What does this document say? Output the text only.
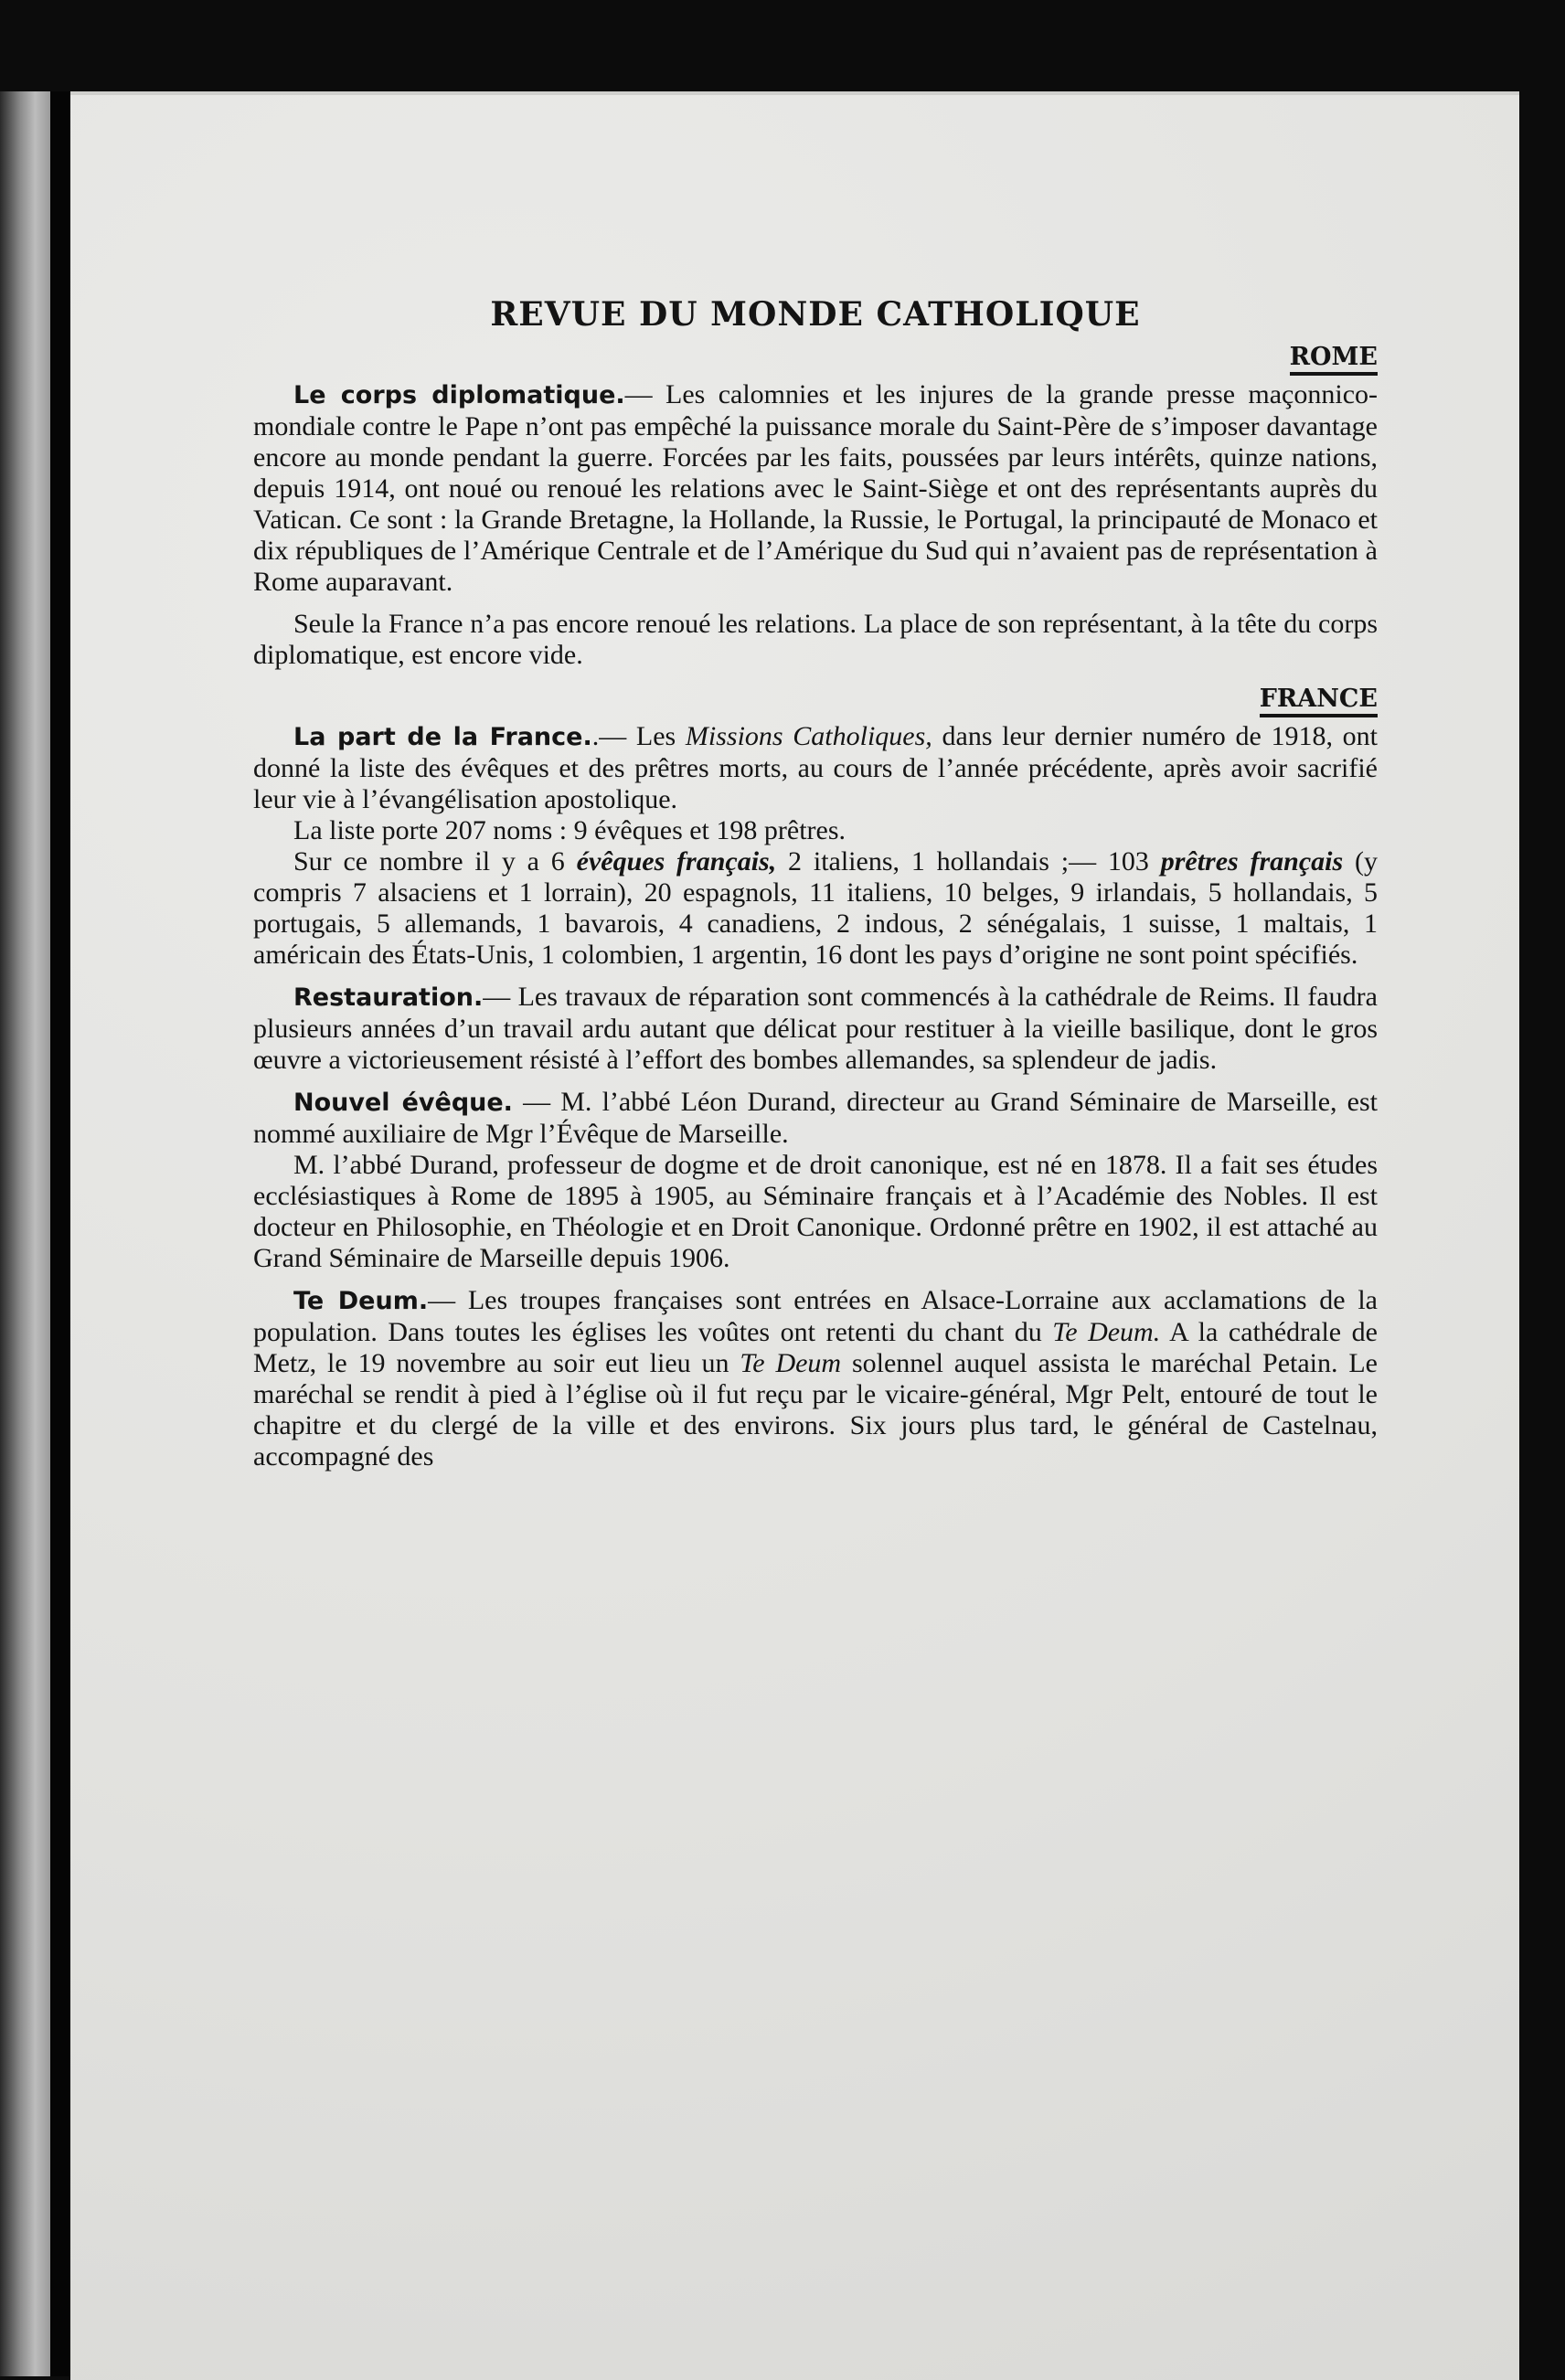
REVUE DU MONDE CATHOLIQUE
ROME

Le corps diplomatique.— Les calomnies et les injures de la grande presse maçonnico-mondiale contre le Pape n’ont pas empêché la puissance morale du Saint-Père de s’imposer davantage encore au monde pendant la guerre. Forcées par les faits, poussées par leurs intérêts, quinze nations, depuis 1914, ont noué ou renoué les relations avec le Saint-Siège et ont des représentants auprès du Vatican. Ce sont : la Grande Bretagne, la Hollande, la Russie, le Portugal, la principauté de Monaco et dix républiques de l’Amérique Centrale et de l’Amérique du Sud qui n’avaient pas de représentation à Rome auparavant.

Seule la France n’a pas encore renoué les relations. La place de son représentant, à la tête du corps diplomatique, est encore vide.

FRANCE

La part de la France..— Les Missions Catholiques, dans leur dernier numéro de 1918, ont donné la liste des évêques et des prêtres morts, au cours de l’année précédente, après avoir sacrifié leur vie à l’évangélisation apostolique.

La liste porte 207 noms : 9 évêques et 198 prêtres.

Sur ce nombre il y a 6 évêques français, 2 italiens, 1 hollandais ;— 103 prêtres français (y compris 7 alsaciens et 1 lorrain), 20 espagnols, 11 italiens, 10 belges, 9 irlandais, 5 hollandais, 5 portugais, 5 allemands, 1 bavarois, 4 canadiens, 2 indous, 2 sénégalais, 1 suisse, 1 maltais, 1 américain des États-Unis, 1 colombien, 1 argentin, 16 dont les pays d’origine ne sont point spécifiés.

Restauration.— Les travaux de réparation sont commencés à la cathédrale de Reims. Il faudra plusieurs années d’un travail ardu autant que délicat pour restituer à la vieille basilique, dont le gros œuvre a victorieusement résisté à l’effort des bombes allemandes, sa splendeur de jadis.

Nouvel évêque. — M. l’abbé Léon Durand, directeur au Grand Séminaire de Marseille, est nommé auxiliaire de Mgr l’Évêque de Marseille.

M. l’abbé Durand, professeur de dogme et de droit canonique, est né en 1878. Il a fait ses études ecclésiastiques à Rome de 1895 à 1905, au Séminaire français et à l’Académie des Nobles. Il est docteur en Philosophie, en Théologie et en Droit Canonique. Ordonné prêtre en 1902, il est attaché au Grand Séminaire de Marseille depuis 1906.

Te Deum.— Les troupes françaises sont entrées en Alsace-Lorraine aux acclamations de la population. Dans toutes les églises les voûtes ont retenti du chant du Te Deum. A la cathédrale de Metz, le 19 novembre au soir eut lieu un Te Deum solennel auquel assista le maréchal Petain. Le maréchal se rendit à pied à l’église où il fut reçu par le vicaire-général, Mgr Pelt, entouré de tout le chapitre et du clergé de la ville et des environs. Six jours plus tard, le général de Castelnau, accompagné des
